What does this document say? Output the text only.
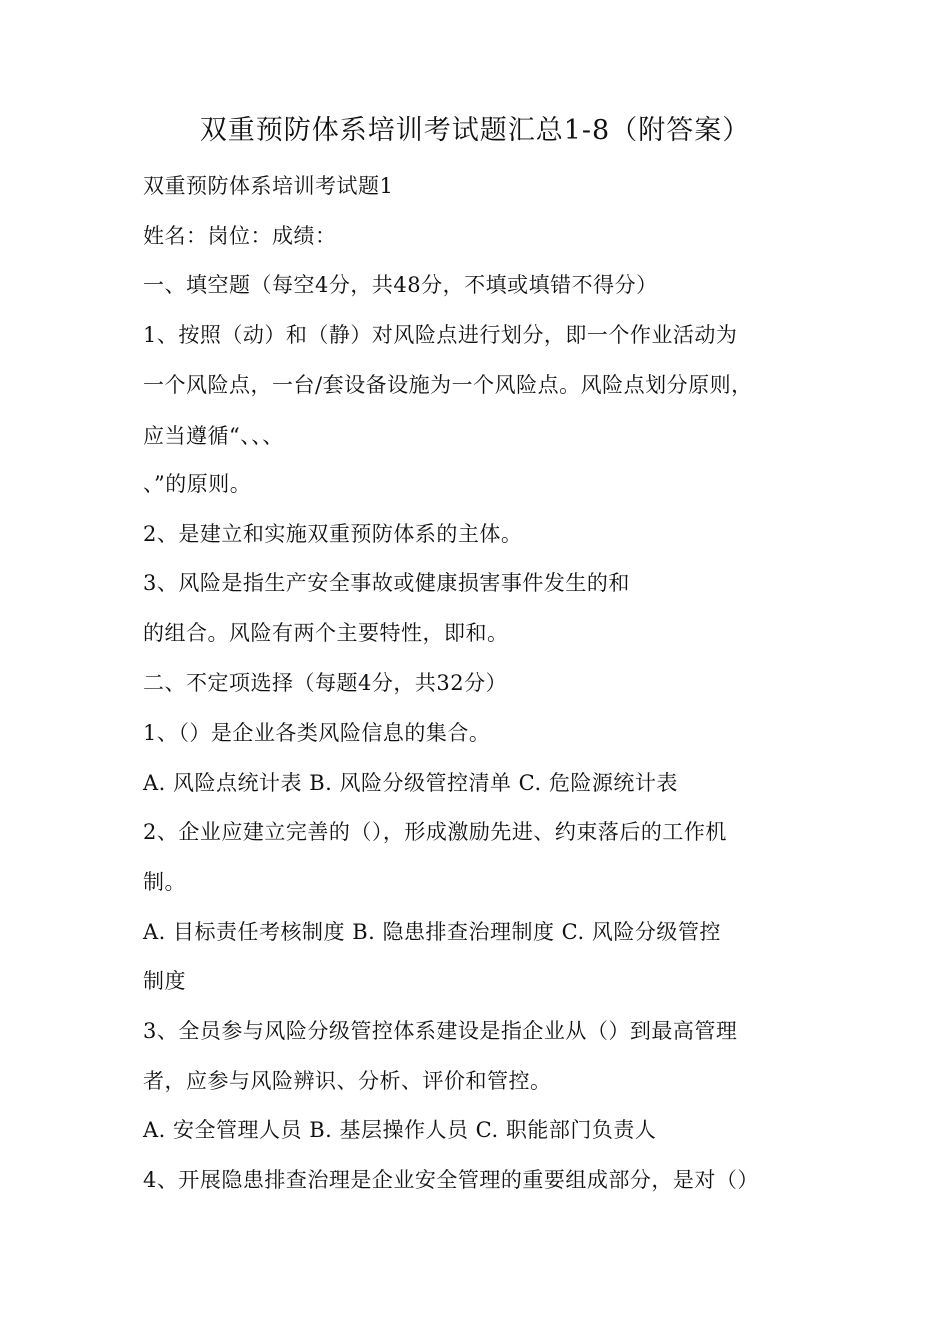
双重预防体系培训考试题汇总1-8（附答案）
双重预防体系培训考试题1
姓名：岗位：成绩：
一、填空题（每空4分，共48分，不填或填错不得分）
1、按照（动）和（静）对风险点进行划分，即一个作业活动为
一个风险点，一台/套设备设施为一个风险点。风险点划分原则，
应当遵循“、、、
、”的原则。
2、是建立和实施双重预防体系的主体。
3、风险是指生产安全事故或健康损害事件发生的和
的组合。风险有两个主要特性，即和。
二、不定项选择（每题4分，共32分）
1、（）是企业各类风险信息的集合。
A. 风险点统计表 B. 风险分级管控清单 C. 危险源统计表
2、企业应建立完善的（），形成激励先进、约束落后的工作机
制。
A. 目标责任考核制度 B. 隐患排查治理制度 C. 风险分级管控
制度
3、全员参与风险分级管控体系建设是指企业从（）到最高管理
者，应参与风险辨识、分析、评价和管控。
A. 安全管理人员 B. 基层操作人员 C. 职能部门负责人
4、开展隐患排查治理是企业安全管理的重要组成部分，是对（）
